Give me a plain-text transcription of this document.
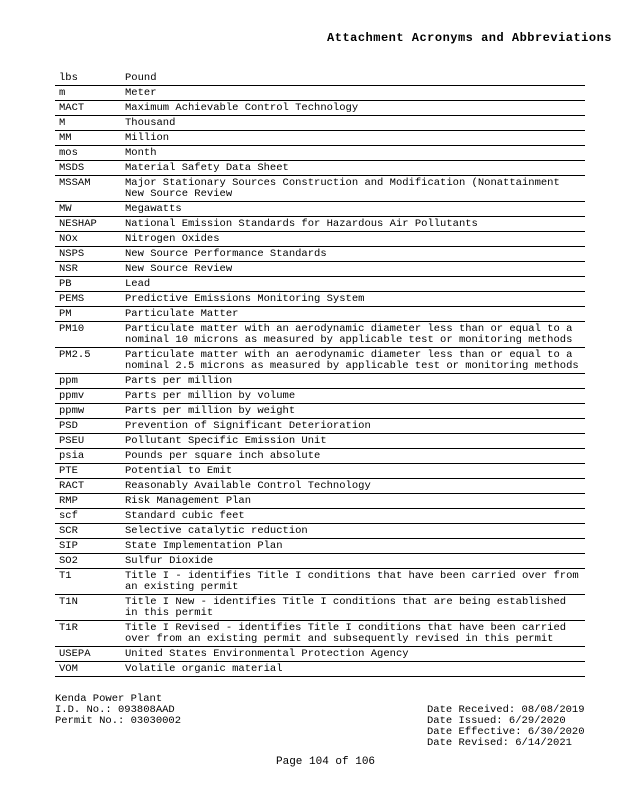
Attachment Acronyms and Abbreviations
lbs	Pound
m	Meter
MACT	Maximum Achievable Control Technology
M	Thousand
MM	Million
mos	Month
MSDS	Material Safety Data Sheet
MSSAM	Major Stationary Sources Construction and Modification (Nonattainment New Source Review
MW	Megawatts
NESHAP	National Emission Standards for Hazardous Air Pollutants
NOx	Nitrogen Oxides
NSPS	New Source Performance Standards
NSR	New Source Review
PB	Lead
PEMS	Predictive Emissions Monitoring System
PM	Particulate Matter
PM10	Particulate matter with an aerodynamic diameter less than or equal to a nominal 10 microns as measured by applicable test or monitoring methods
PM2.5	Particulate matter with an aerodynamic diameter less than or equal to a nominal 2.5 microns as measured by applicable test or monitoring methods
ppm	Parts per million
ppmv	Parts per million by volume
ppmw	Parts per million by weight
PSD	Prevention of Significant Deterioration
PSEU	Pollutant Specific Emission Unit
psia	Pounds per square inch absolute
PTE	Potential to Emit
RACT	Reasonably Available Control Technology
RMP	Risk Management Plan
scf	Standard cubic feet
SCR	Selective catalytic reduction
SIP	State Implementation Plan
SO2	Sulfur Dioxide
T1	Title I - identifies Title I conditions that have been carried over from an existing permit
T1N	Title I New - identifies Title I conditions that are being established in this permit
T1R	Title I Revised - identifies Title I conditions that have been carried over from an existing permit and subsequently revised in this permit
USEPA	United States Environmental Protection Agency
VOM	Volatile organic material
Kenda Power Plant
I.D. No.: 093808AAD
Permit No.: 03030002
Date Received: 08/08/2019
Date Issued: 6/29/2020
Date Effective: 6/30/2020
Date Revised: 6/14/2021
Page 104 of 106
